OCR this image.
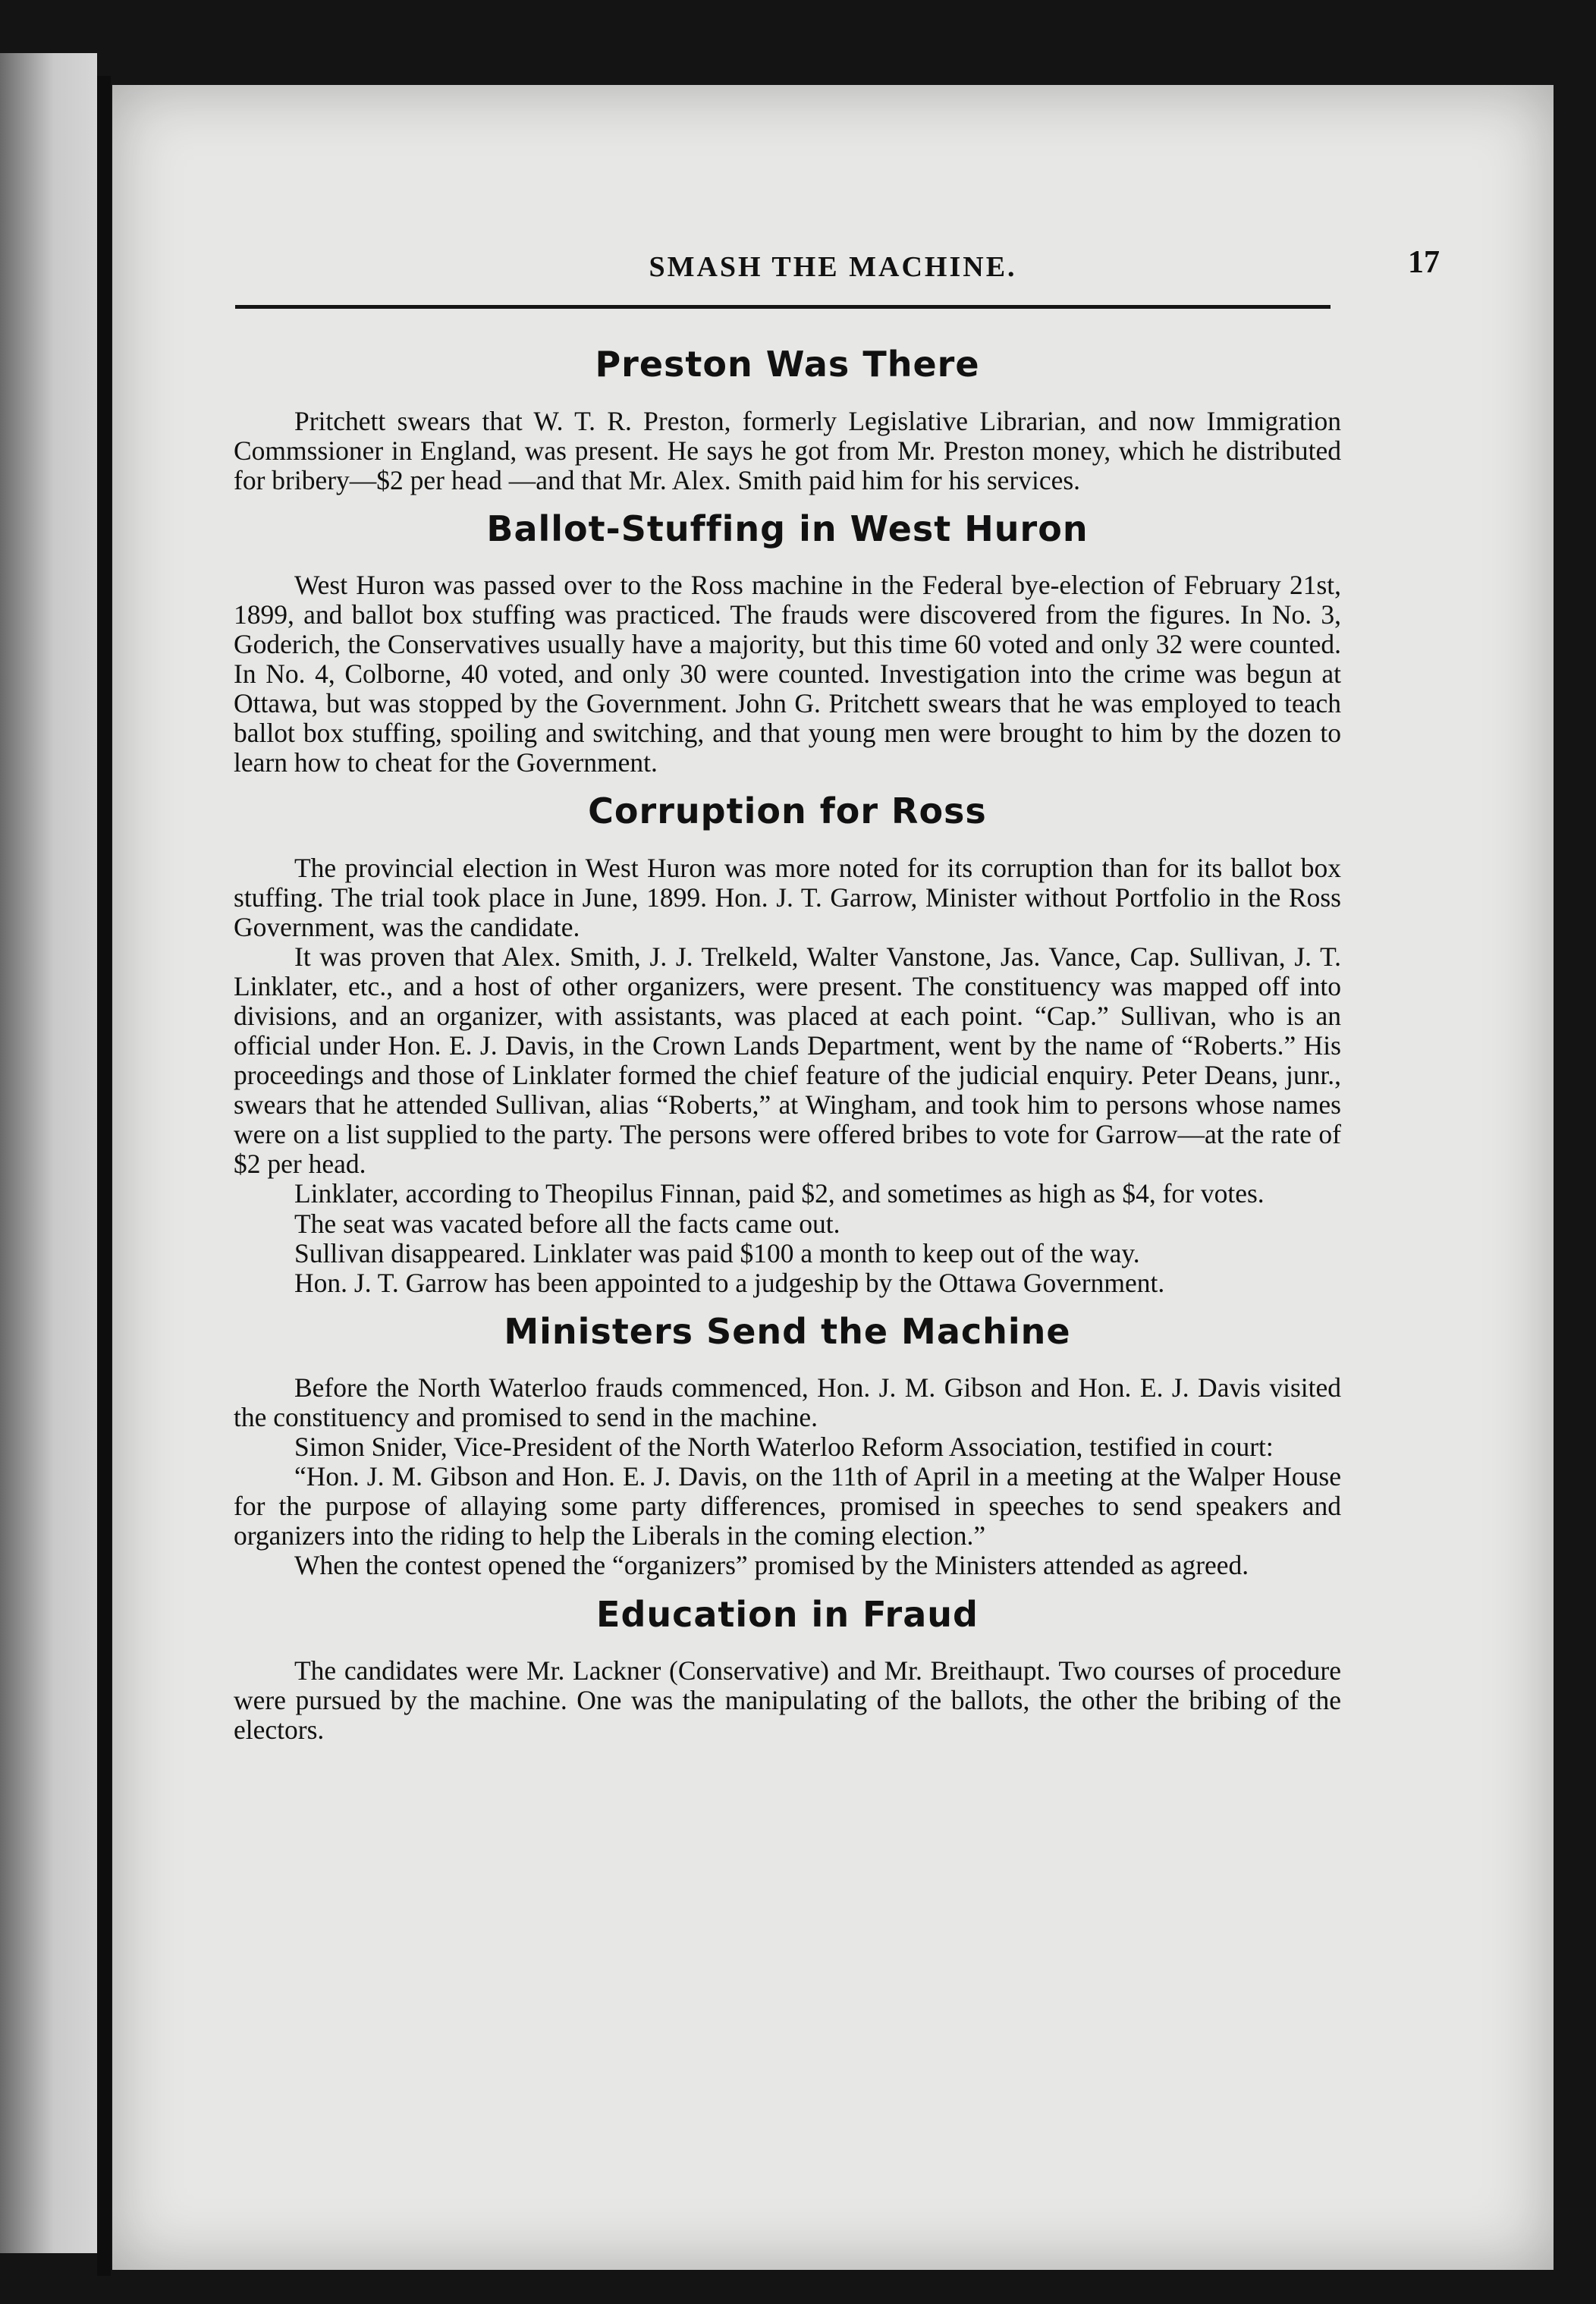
SMASH THE MACHINE.	17
Preston Was There

Pritchett swears that W. T. R. Preston, formerly Legislative Librarian, and now Immigration Commssioner in England, was present. He says he got from Mr. Preston money, which he distributed for bribery—$2 per head —and that Mr. Alex. Smith paid him for his services.

Ballot-Stuffing in West Huron

West Huron was passed over to the Ross machine in the Federal bye-election of February 21st, 1899, and ballot box stuffing was practiced. The frauds were discovered from the figures. In No. 3, Goderich, the Conservatives usually have a majority, but this time 60 voted and only 32 were counted. In No. 4, Colborne, 40 voted, and only 30 were counted. Investigation into the crime was begun at Ottawa, but was stopped by the Government. John G. Pritchett swears that he was employed to teach ballot box stuffing, spoiling and switching, and that young men were brought to him by the dozen to learn how to cheat for the Government.

Corruption for Ross

The provincial election in West Huron was more noted for its corruption than for its ballot box stuffing. The trial took place in June, 1899. Hon. J. T. Garrow, Minister without Portfolio in the Ross Government, was the candidate.

It was proven that Alex. Smith, J. J. Trelkeld, Walter Vanstone, Jas. Vance, Cap. Sullivan, J. T. Linklater, etc., and a host of other organizers, were present. The constituency was mapped off into divisions, and an organizer, with assistants, was placed at each point. “Cap.” Sullivan, who is an official under Hon. E. J. Davis, in the Crown Lands Department, went by the name of “Roberts.” His proceedings and those of Linklater formed the chief feature of the judicial enquiry. Peter Deans, junr., swears that he attended Sullivan, alias “Roberts,” at Wingham, and took him to persons whose names were on a list supplied to the party. The persons were offered bribes to vote for Garrow—at the rate of $2 per head.

Linklater, according to Theopilus Finnan, paid $2, and sometimes as high as $4, for votes.

The seat was vacated before all the facts came out.

Sullivan disappeared. Linklater was paid $100 a month to keep out of the way.

Hon. J. T. Garrow has been appointed to a judgeship by the Ottawa Government.

Ministers Send the Machine

Before the North Waterloo frauds commenced, Hon. J. M. Gibson and Hon. E. J. Davis visited the constituency and promised to send in the machine.

Simon Snider, Vice-President of the North Waterloo Reform Association, testified in court:

“Hon. J. M. Gibson and Hon. E. J. Davis, on the 11th of April in a meeting at the Walper House for the purpose of allaying some party differences, promised in speeches to send speakers and organizers into the riding to help the Liberals in the coming election.”

When the contest opened the “organizers” promised by the Ministers attended as agreed.

Education in Fraud

The candidates were Mr. Lackner (Conservative) and Mr. Breithaupt. Two courses of procedure were pursued by the machine. One was the manipulating of the ballots, the other the bribing of the electors.
